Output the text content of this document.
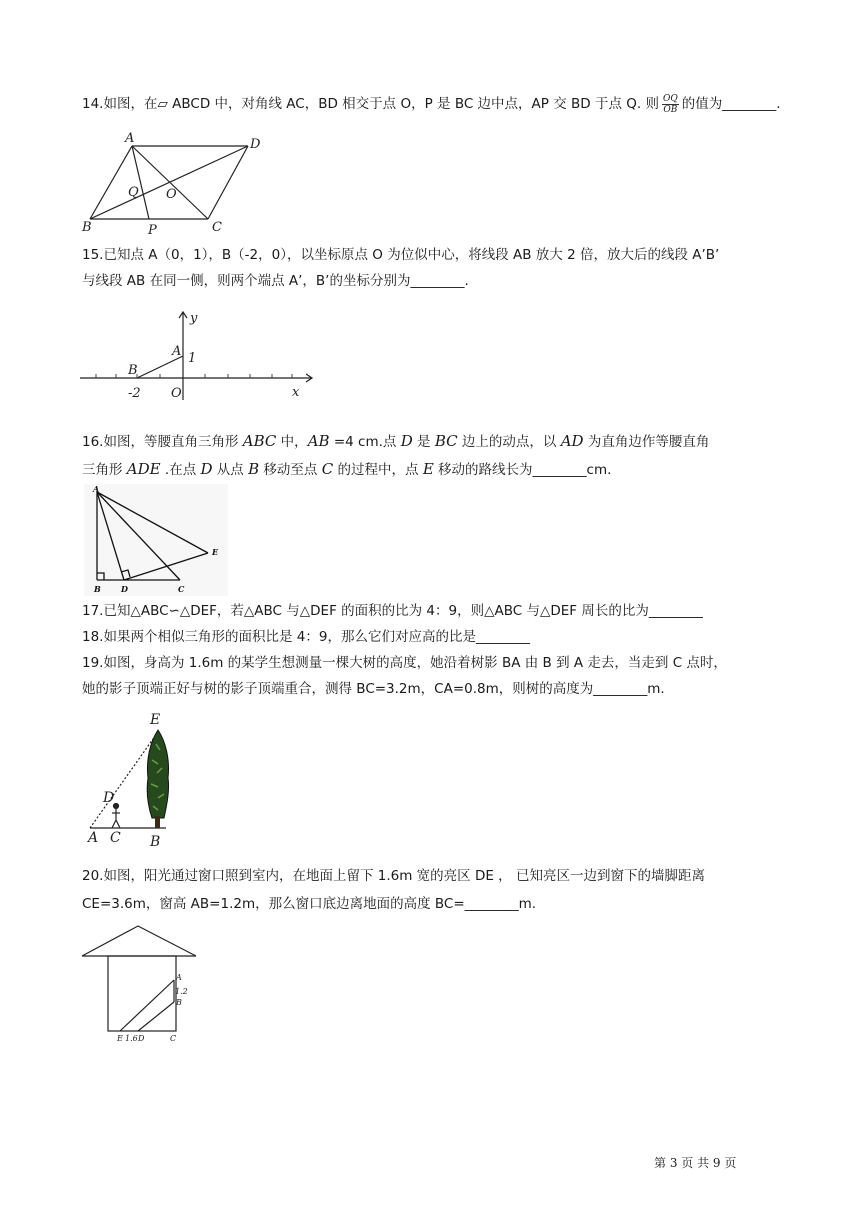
14.如图，在▱ ABCD 中，对角线 AC，BD 相交于点 O，P 是 BC 边中点，AP 交 BD 于点 Q. 则 $\frac{OQ}{OB}$ 的值为________.
A	D
B	C
O
Q
P
15.已知点 A（0，1），B（-2，0），以坐标原点 O 为位似中心，将线段 AB 放大 2 倍，放大后的线段 A’B’
与线段 AB 在同一侧，则两个端点 A’，B’的坐标分别为________.
y
x
A 1
B
-2 O
16.如图，等腰直角三角形 ABC 中，AB =4 cm.点 D 是 BC 边上的动点，以 AD 为直角边作等腰直角
三角形 ADE .在点 D 从点 B 移动至点 C 的过程中，点 E 移动的路线长为________cm.
A
B	D	C
E
17.已知△ABC∽△DEF，若△ABC 与△DEF 的面积的比为 4：9，则△ABC 与△DEF 周长的比为________
18.如果两个相似三角形的面积比是 4：9，那么它们对应高的比是________
19.如图，身高为 1.6m 的某学生想测量一棵大树的高度，她沿着树影 BA 由 B 到 A 走去，当走到 C 点时，
她的影子顶端正好与树的影子顶端重合，测得 BC=3.2m，CA=0.8m，则树的高度为________m.
E
D
A C B
20.如图，阳光通过窗口照到室内，在地面上留下 1.6m 宽的亮区 DE ， 已知亮区一边到窗下的墙脚距离
CE=3.6m，窗高 AB=1.2m，那么窗口底边离地面的高度 BC=________m.
A
1.2
B
E 1.6 D	C
第 3 页 共 9 页
